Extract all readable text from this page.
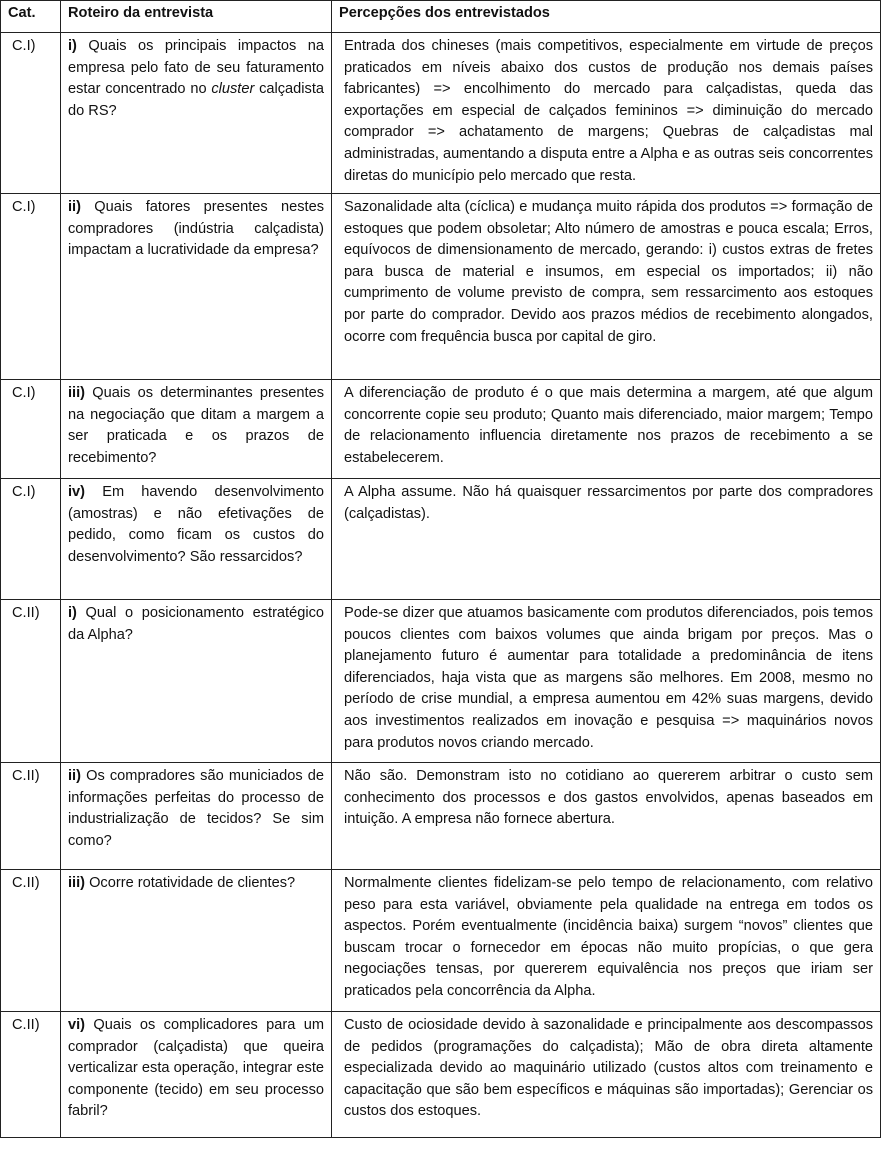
Cat.	Roteiro da entrevista	Percepções dos entrevistados
C.I)	i) Quais os principais impactos na empresa pelo fato de seu faturamento estar concentrado no cluster calçadista do RS?	Entrada dos chineses (mais competitivos, especialmente em virtude de preços praticados em níveis abaixo dos custos de produção nos demais países fabricantes) => encolhimento do mercado para calçadistas, queda das exportações em especial de calçados femininos => diminuição do mercado comprador => achatamento de margens; Quebras de calçadistas mal administradas, aumentando a disputa entre a Alpha e as outras seis concorrentes diretas do município pelo mercado que resta.
C.I)	ii) Quais fatores presentes nestes compradores (indústria calçadista) impactam a lucratividade da empresa?	Sazonalidade alta (cíclica) e mudança muito rápida dos produtos => formação de estoques que podem obsoletar; Alto número de amostras e pouca escala; Erros, equívocos de dimensionamento de mercado, gerando: i) custos extras de fretes para busca de material e insumos, em especial os importados; ii) não cumprimento de volume previsto de compra, sem ressarcimento aos estoques por parte do comprador. Devido aos prazos médios de recebimento alongados, ocorre com frequência busca por capital de giro.
C.I)	iii) Quais os determinantes presentes na negociação que ditam a margem a ser praticada e os prazos de recebimento?	A diferenciação de produto é o que mais determina a margem, até que algum concorrente copie seu produto; Quanto mais diferenciado, maior margem; Tempo de relacionamento influencia diretamente nos prazos de recebimento a se estabelecerem.
C.I)	iv) Em havendo desenvolvimento (amostras) e não efetivações de pedido, como ficam os custos do desenvolvimento? São ressarcidos?	A Alpha assume. Não há quaisquer ressarcimentos por parte dos compradores (calçadistas).
C.II)	i) Qual o posicionamento estratégico da Alpha?	Pode-se dizer que atuamos basicamente com produtos diferenciados, pois temos poucos clientes com baixos volumes que ainda brigam por preços. Mas o planejamento futuro é aumentar para totalidade a predominância de itens diferenciados, haja vista que as margens são melhores. Em 2008, mesmo no período de crise mundial, a empresa aumentou em 42% suas margens, devido aos investimentos realizados em inovação e pesquisa => maquinários novos para produtos novos criando mercado.
C.II)	ii) Os compradores são municiados de informações perfeitas do processo de industrialização de tecidos? Se sim como?	Não são. Demonstram isto no cotidiano ao quererem arbitrar o custo sem conhecimento dos processos e dos gastos envolvidos, apenas baseados em intuição. A empresa não fornece abertura.
C.II)	iii) Ocorre rotatividade de clientes?	Normalmente clientes fidelizam-se pelo tempo de relacionamento, com relativo peso para esta variável, obviamente pela qualidade na entrega em todos os aspectos. Porém eventualmente (incidência baixa) surgem “novos” clientes que buscam trocar o fornecedor em épocas não muito propícias, o que gera negociações tensas, por quererem equivalência nos preços que iriam ser praticados pela concorrência da Alpha.
C.II)	vi) Quais os complicadores para um comprador (calçadista) que queira verticalizar esta operação, integrar este componente (tecido) em seu processo fabril?	Custo de ociosidade devido à sazonalidade e principalmente aos descompassos de pedidos (programações do calçadista); Mão de obra direta altamente especializada devido ao maquinário utilizado (custos altos com treinamento e capacitação que são bem específicos e máquinas são importadas); Gerenciar os custos dos estoques.
